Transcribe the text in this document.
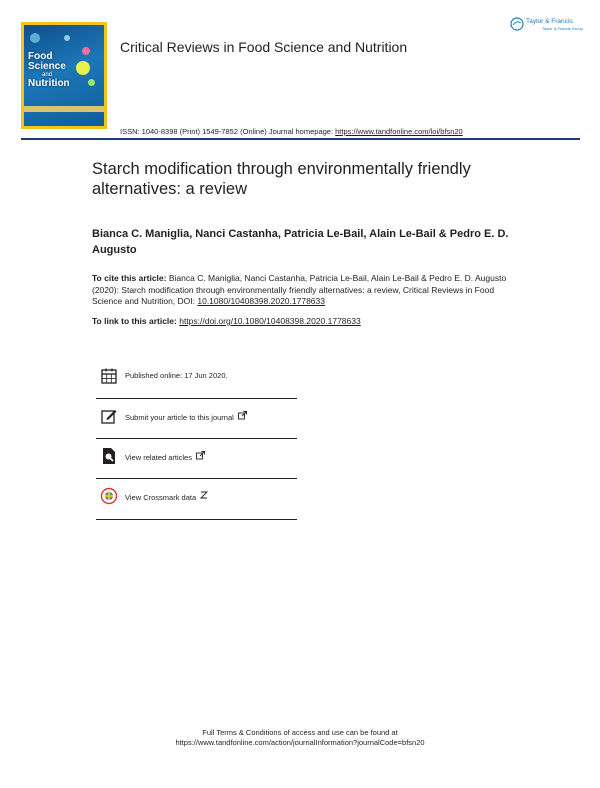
Food
Science
and
Nutrition
Critical Reviews in Food Science and Nutrition
Taylor & Francis
Taylor & Francis Group
ISSN: 1040-8398 (Print) 1549-7852 (Online) Journal homepage: https://www.tandfonline.com/loi/bfsn20
Starch modification through environmentally friendly alternatives: a review
Bianca C. Maniglia, Nanci Castanha, Patricia Le-Bail, Alain Le-Bail & Pedro E. D. Augusto
To cite this article: Bianca C. Maniglia, Nanci Castanha, Patricia Le-Bail, Alain Le-Bail & Pedro E. D. Augusto (2020): Starch modification through environmentally friendly alternatives: a review, Critical Reviews in Food Science and Nutrition, DOI: 10.1080/10408398.2020.1778633
To link to this article: https://doi.org/10.1080/10408398.2020.1778633
Published online: 17 Jun 2020.
Submit your article to this journal
View related articles
View Crossmark data
Full Terms & Conditions of access and use can be found at
https://www.tandfonline.com/action/journalInformation?journalCode=bfsn20
